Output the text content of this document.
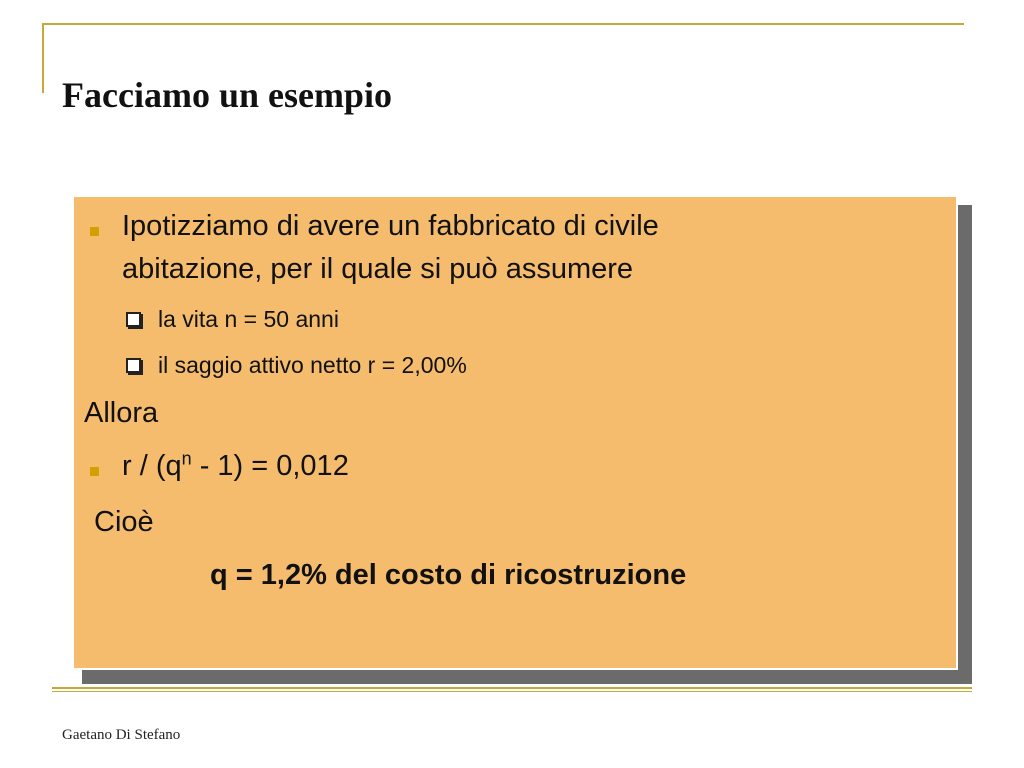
Facciamo un esempio
Ipotizziamo di avere un fabbricato di civile
abitazione, per il quale si può assumere
la vita n = 50 anni
il saggio attivo netto r = 2,00%
Allora
$r / (q^n - 1) = 0,012$
Cioè
q = 1,2% del costo di ricostruzione
Gaetano Di Stefano
